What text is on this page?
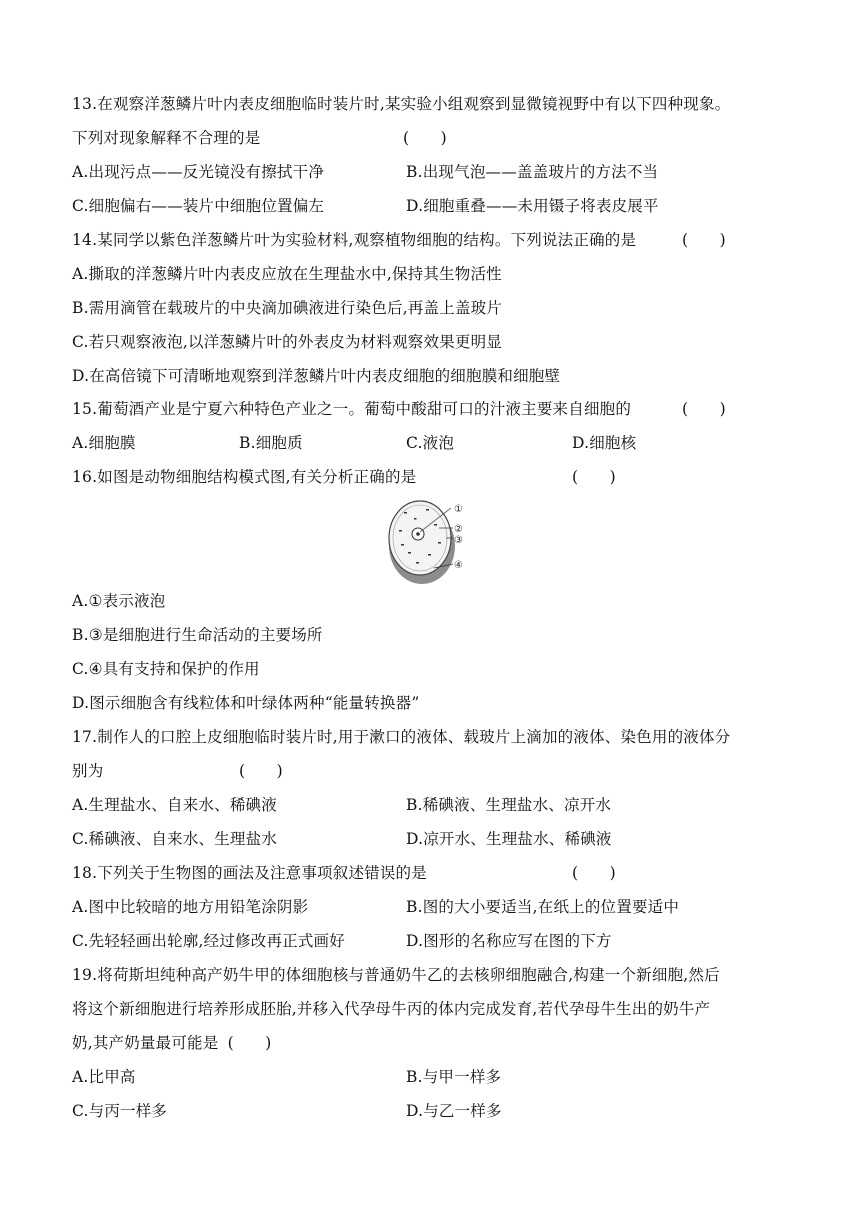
13.在观察洋葱鳞片叶内表皮细胞临时装片时,某实验小组观察到显微镜视野中有以下四种现象。
下列对现象解释不合理的是	(　　)
A.出现污点——反光镜没有擦拭干净	B.出现气泡——盖盖玻片的方法不当
C.细胞偏右——装片中细胞位置偏左	D.细胞重叠——未用镊子将表皮展平
14.某同学以紫色洋葱鳞片叶为实验材料,观察植物细胞的结构。下列说法正确的是	(　　)
A.撕取的洋葱鳞片叶内表皮应放在生理盐水中,保持其生物活性
B.需用滴管在载玻片的中央滴加碘液进行染色后,再盖上盖玻片
C.若只观察液泡,以洋葱鳞片叶的外表皮为材料观察效果更明显
D.在高倍镜下可清晰地观察到洋葱鳞片叶内表皮细胞的细胞膜和细胞壁
15.葡萄酒产业是宁夏六种特色产业之一。葡萄中酸甜可口的汁液主要来自细胞的	(　　)
A.细胞膜	B.细胞质	C.液泡	D.细胞核
16.如图是动物细胞结构模式图,有关分析正确的是	(　　)
①
②
③
④
A.①表示液泡
B.③是细胞进行生命活动的主要场所
C.④具有支持和保护的作用
D.图示细胞含有线粒体和叶绿体两种“能量转换器”
17.制作人的口腔上皮细胞临时装片时,用于漱口的液体、载玻片上滴加的液体、染色用的液体分
别为	(　　)
A.生理盐水、自来水、稀碘液	B.稀碘液、生理盐水、凉开水
C.稀碘液、自来水、生理盐水	D.凉开水、生理盐水、稀碘液
18.下列关于生物图的画法及注意事项叙述错误的是	(　　)
A.图中比较暗的地方用铅笔涂阴影	B.图的大小要适当,在纸上的位置要适中
C.先轻轻画出轮廓,经过修改再正式画好	D.图形的名称应写在图的下方
19.将荷斯坦纯种高产奶牛甲的体细胞核与普通奶牛乙的去核卵细胞融合,构建一个新细胞,然后
将这个新细胞进行培养形成胚胎,并移入代孕母牛丙的体内完成发育,若代孕母牛生出的奶牛产
奶,其产奶量最可能是 (　　)
A.比甲高	B.与甲一样多
C.与丙一样多	D.与乙一样多
